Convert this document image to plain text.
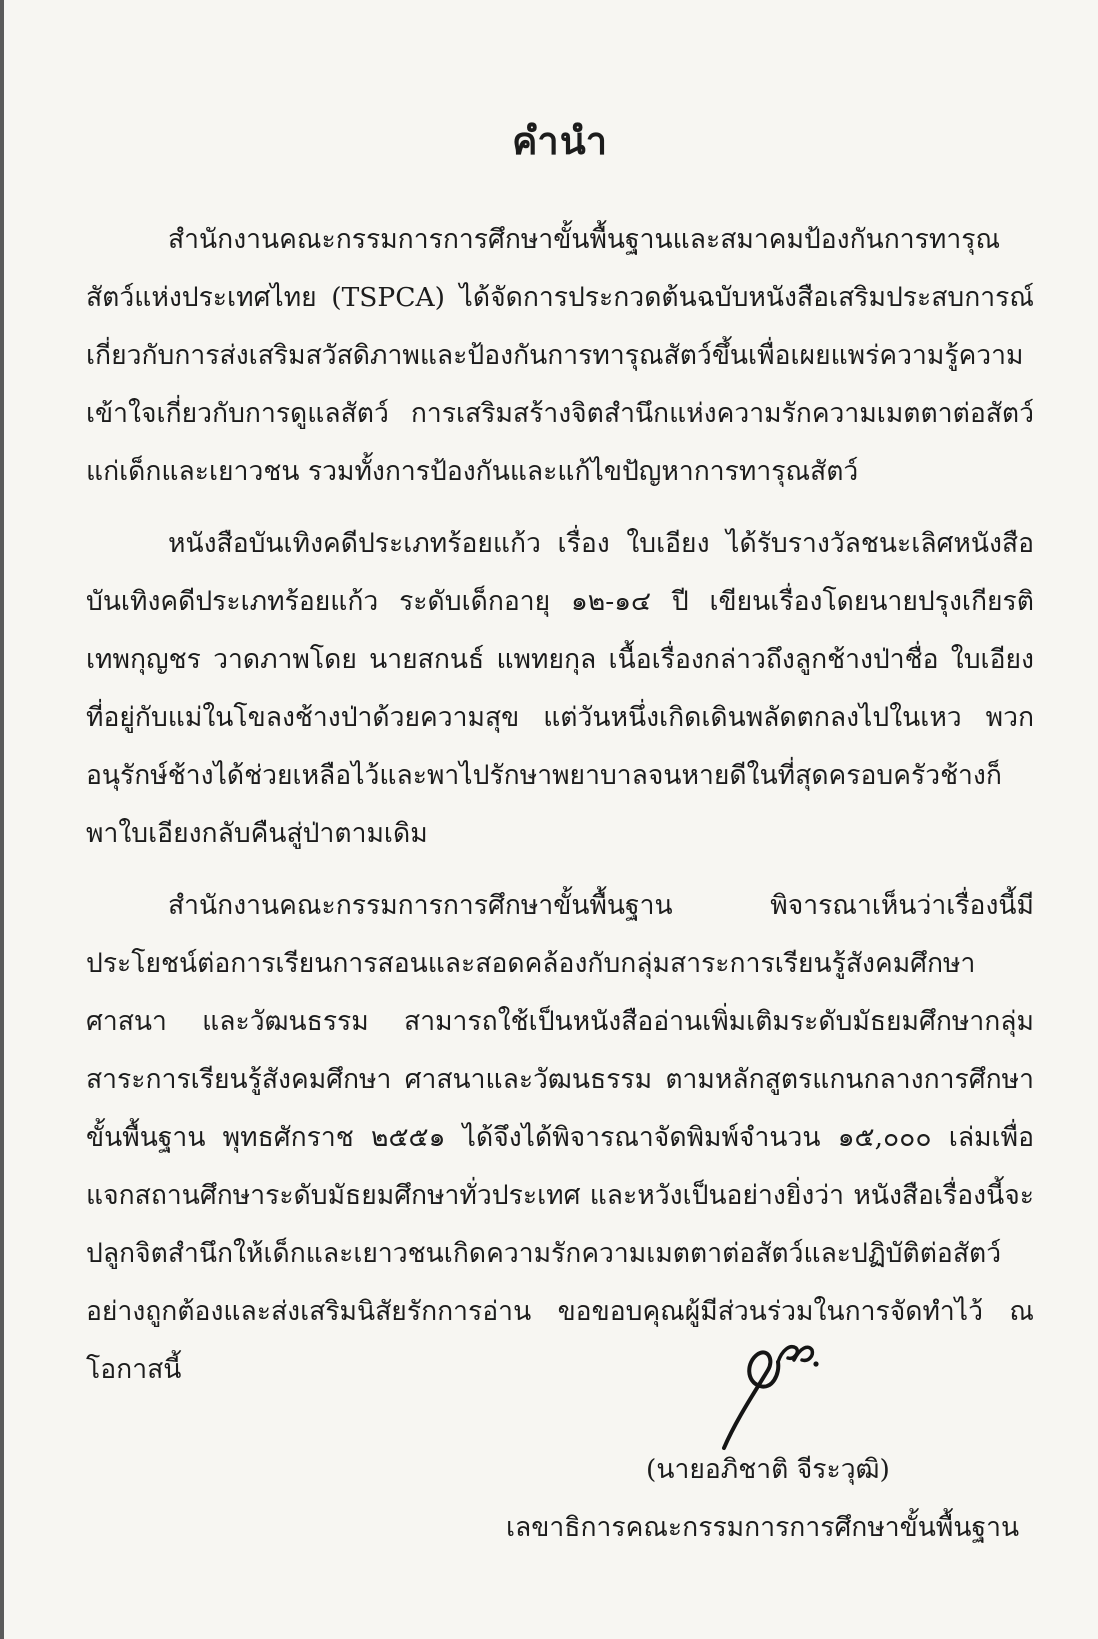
คำนำ

สำนักงานคณะกรรมการการศึกษาขั้นพื้นฐานและสมาคมป้องกันการทารุณสัตว์แห่งประเทศไทย (TSPCA) ได้จัดการประกวดต้นฉบับหนังสือเสริมประสบการณ์เกี่ยวกับการส่งเสริมสวัสดิภาพและป้องกันการทารุณสัตว์ขึ้นเพื่อเผยแพร่ความรู้ความเข้าใจเกี่ยวกับการดูแลสัตว์ การเสริมสร้างจิตสำนึกแห่งความรักความเมตตาต่อสัตว์แก่เด็กและเยาวชน รวมทั้งการป้องกันและแก้ไขปัญหาการทารุณสัตว์

หนังสือบันเทิงคดีประเภทร้อยแก้ว เรื่อง ใบเอียง ได้รับรางวัลชนะเลิศหนังสือบันเทิงคดีประเภทร้อยแก้ว ระดับเด็กอายุ ๑๒-๑๔ ปี เขียนเรื่องโดยนายปรุงเกียรติ เทพกุญชร วาดภาพโดย นายสกนธ์ แพทยกุล เนื้อเรื่องกล่าวถึงลูกช้างป่าชื่อ ใบเอียง ที่อยู่กับแม่ในโขลงช้างป่าด้วยความสุข แต่วันหนึ่งเกิดเดินพลัดตกลงไปในเหว พวกอนุรักษ์ช้างได้ช่วยเหลือไว้และพาไปรักษาพยาบาลจนหายดีในที่สุดครอบครัวช้างก็พาใบเอียงกลับคืนสู่ป่าตามเดิม

สำนักงานคณะกรรมการการศึกษาขั้นพื้นฐาน พิจารณาเห็นว่าเรื่องนี้มีประโยชน์ต่อการเรียนการสอนและสอดคล้องกับกลุ่มสาระการเรียนรู้สังคมศึกษาศาสนา และวัฒนธรรม สามารถใช้เป็นหนังสืออ่านเพิ่มเติมระดับมัธยมศึกษากลุ่มสาระการเรียนรู้สังคมศึกษา ศาสนาและวัฒนธรรม ตามหลักสูตรแกนกลางการศึกษาขั้นพื้นฐาน พุทธศักราช ๒๕๕๑ ได้จึงได้พิจารณาจัดพิมพ์จำนวน ๑๕,๐๐๐ เล่มเพื่อแจกสถานศึกษาระดับมัธยมศึกษาทั่วประเทศ และหวังเป็นอย่างยิ่งว่า หนังสือเรื่องนี้จะปลูกจิตสำนึกให้เด็กและเยาวชนเกิดความรักความเมตตาต่อสัตว์และปฏิบัติต่อสัตว์อย่างถูกต้องและส่งเสริมนิสัยรักการอ่าน ขอขอบคุณผู้มีส่วนร่วมในการจัดทำไว้ ณ โอกาสนี้

(นายอภิชาติ จีระวุฒิ)
เลขาธิการคณะกรรมการการศึกษาขั้นพื้นฐาน
